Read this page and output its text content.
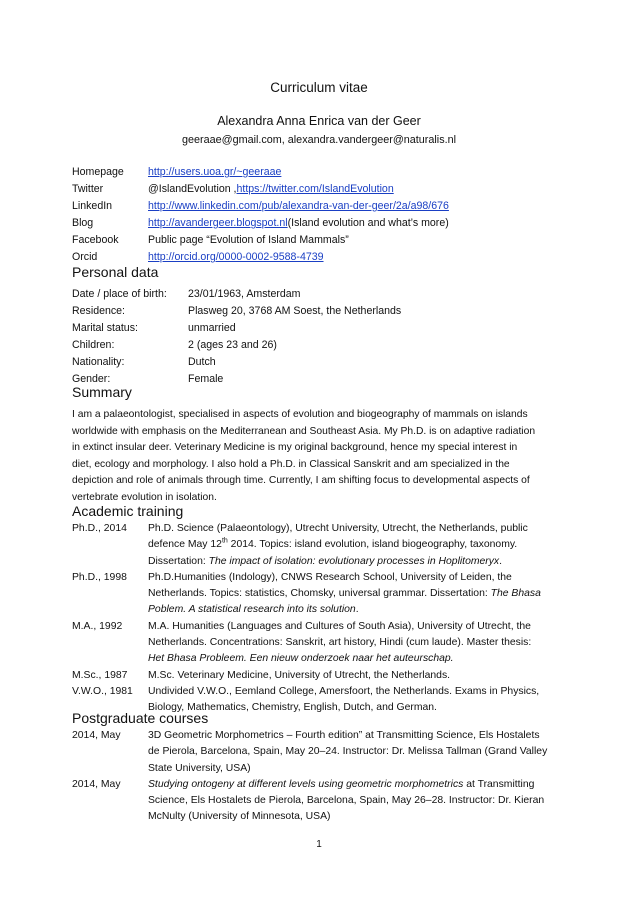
Curriculum vitae
Alexandra Anna Enrica van der Geer
geeraae@gmail.com, alexandra.vandergeer@naturalis.nl
Homepage	http://users.uoa.gr/~geeraae
Twitter	@IslandEvolution , https://twitter.com/IslandEvolution
LinkedIn	http://www.linkedin.com/pub/alexandra-van-der-geer/2a/a98/676
Blog	http://avandergeer.blogspot.nl (Island evolution and what’s more)
Facebook	Public page “Evolution of Island Mammals”
Orcid	http://orcid.org/0000-0002-9588-4739
Personal data
Date / place of birth:	23/01/1963, Amsterdam
Residence:	Plasweg 20, 3768 AM Soest, the Netherlands
Marital status:	unmarried
Children:	2 (ages 23 and 26)
Nationality:	Dutch
Gender:	Female
Summary
I am a palaeontologist, specialised in aspects of evolution and biogeography of mammals on islands
worldwide with emphasis on the Mediterranean and Southeast Asia. My Ph.D. is on adaptive radiation
in extinct insular deer. Veterinary Medicine is my original background, hence my special interest in
diet, ecology and morphology. I also hold a Ph.D. in Classical Sanskrit and am specialized in the
depiction and role of animals through time. Currently, I am shifting focus to developmental aspects of
vertebrate evolution in isolation.
Academic training
Ph.D., 2014	Ph.D. Science (Palaeontology), Utrecht University, Utrecht, the Netherlands, public
defence May 12th 2014. Topics: island evolution, island biogeography, taxonomy.
Dissertation: The impact of isolation: evolutionary processes in Hoplitomeryx.
Ph.D., 1998	Ph.D.Humanities (Indology), CNWS Research School, University of Leiden, the
Netherlands. Topics: statistics, Chomsky, universal grammar. Dissertation: The Bhasa
Poblem. A statistical research into its solution.
M.A., 1992	M.A. Humanities (Languages and Cultures of South Asia), University of Utrecht, the
Netherlands. Concentrations: Sanskrit, art history, Hindi (cum laude). Master thesis:
Het Bhasa Probleem. Een nieuw onderzoek naar het auteurschap.
M.Sc., 1987	M.Sc. Veterinary Medicine, University of Utrecht, the Netherlands.
V.W.O., 1981	Undivided V.W.O., Eemland College, Amersfoort, the Netherlands. Exams in Physics,
Biology, Mathematics, Chemistry, English, Dutch, and German.
Postgraduate courses
2014, May	3D Geometric Morphometrics – Fourth edition” at Transmitting Science, Els Hostalets
de Pierola, Barcelona, Spain, May 20–24. Instructor: Dr. Melissa Tallman (Grand Valley
State University, USA)
2014, May	Studying ontogeny at different levels using geometric morphometrics at Transmitting
Science, Els Hostalets de Pierola, Barcelona, Spain, May 26–28. Instructor: Dr. Kieran
McNulty (University of Minnesota, USA)
1
